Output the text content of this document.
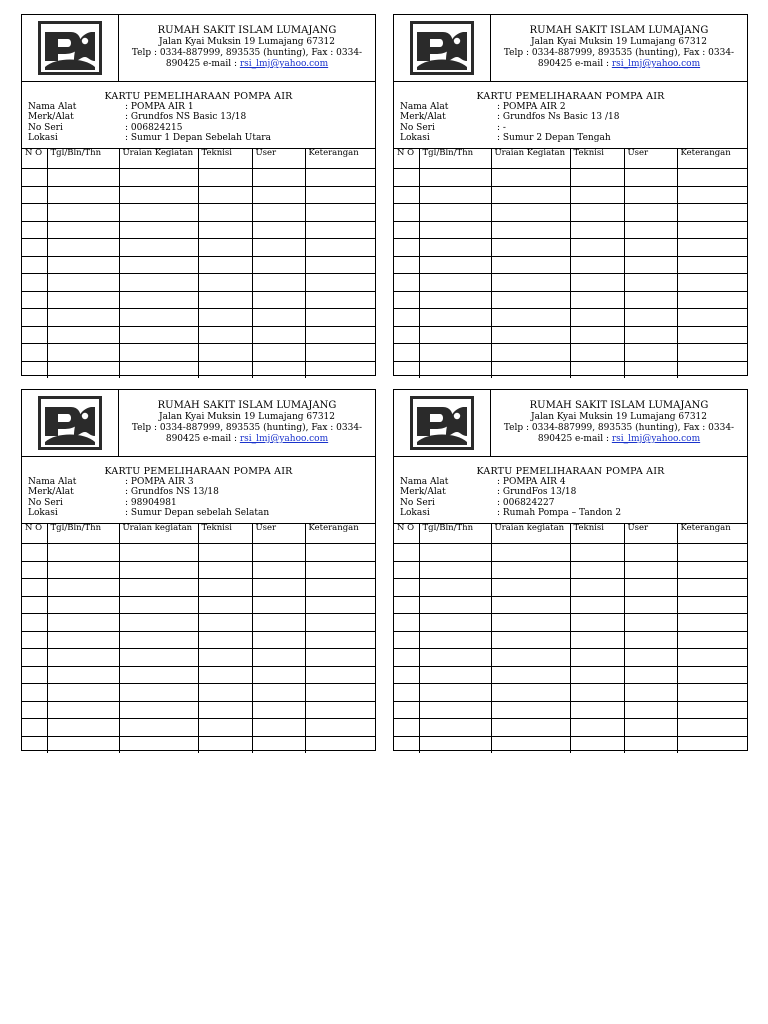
RUMAH SAKIT ISLAM LUMAJANG
Jalan Kyai Muksin 19 Lumajang 67312
Telp : 0334-887999, 893535 (hunting), Fax : 0334-
890425 e-mail : rsi_lmj@yahoo.com
KARTU PEMELIHARAAN POMPA AIR
Nama Alat	: POMPA AIR 1
Merk/Alat	: Grundfos NS Basic 13/18
No Seri	: 006824215
Lokasi	: Sumur 1 Depan Sebelah Utara
N O	Tgl/Bln/Thn	Uraian Kegiatan	Teknisi	User	Keterangan

RUMAH SAKIT ISLAM LUMAJANG
Jalan Kyai Muksin 19 Lumajang 67312
Telp : 0334-887999, 893535 (hunting), Fax : 0334-
890425 e-mail : rsi_lmj@yahoo.com
KARTU PEMELIHARAAN POMPA AIR
Nama Alat	: POMPA AIR 2
Merk/Alat	: Grundfos Ns Basic 13 /18
No Seri	: -
Lokasi	: Sumur 2 Depan Tengah
N O	Tgl/Bln/Thn	Uraian Kegiatan	Teknisi	User	Keterangan

RUMAH SAKIT ISLAM LUMAJANG
Jalan Kyai Muksin 19 Lumajang 67312
Telp : 0334-887999, 893535 (hunting), Fax : 0334-
890425 e-mail : rsi_lmj@yahoo.com
KARTU PEMELIHARAAN POMPA AIR
Nama Alat	: POMPA AIR 3
Merk/Alat	: Grundfos NS 13/18
No Seri	: 98904981
Lokasi	: Sumur Depan sebelah Selatan
N O	Tgl/Bln/Thn	Uraian kegiatan	Teknisi	User	Keterangan

RUMAH SAKIT ISLAM LUMAJANG
Jalan Kyai Muksin 19 Lumajang 67312
Telp : 0334-887999, 893535 (hunting), Fax : 0334-
890425 e-mail : rsi_lmj@yahoo.com
KARTU PEMELIHARAAN POMPA AIR
Nama Alat	: POMPA AIR 4
Merk/Alat	: GrundFos 13/18
No Seri	: 006824227
Lokasi	: Rumah Pompa – Tandon 2
N O	Tgl/Bln/Thn	Uraian kegiatan	Teknisi	User	Keterangan
